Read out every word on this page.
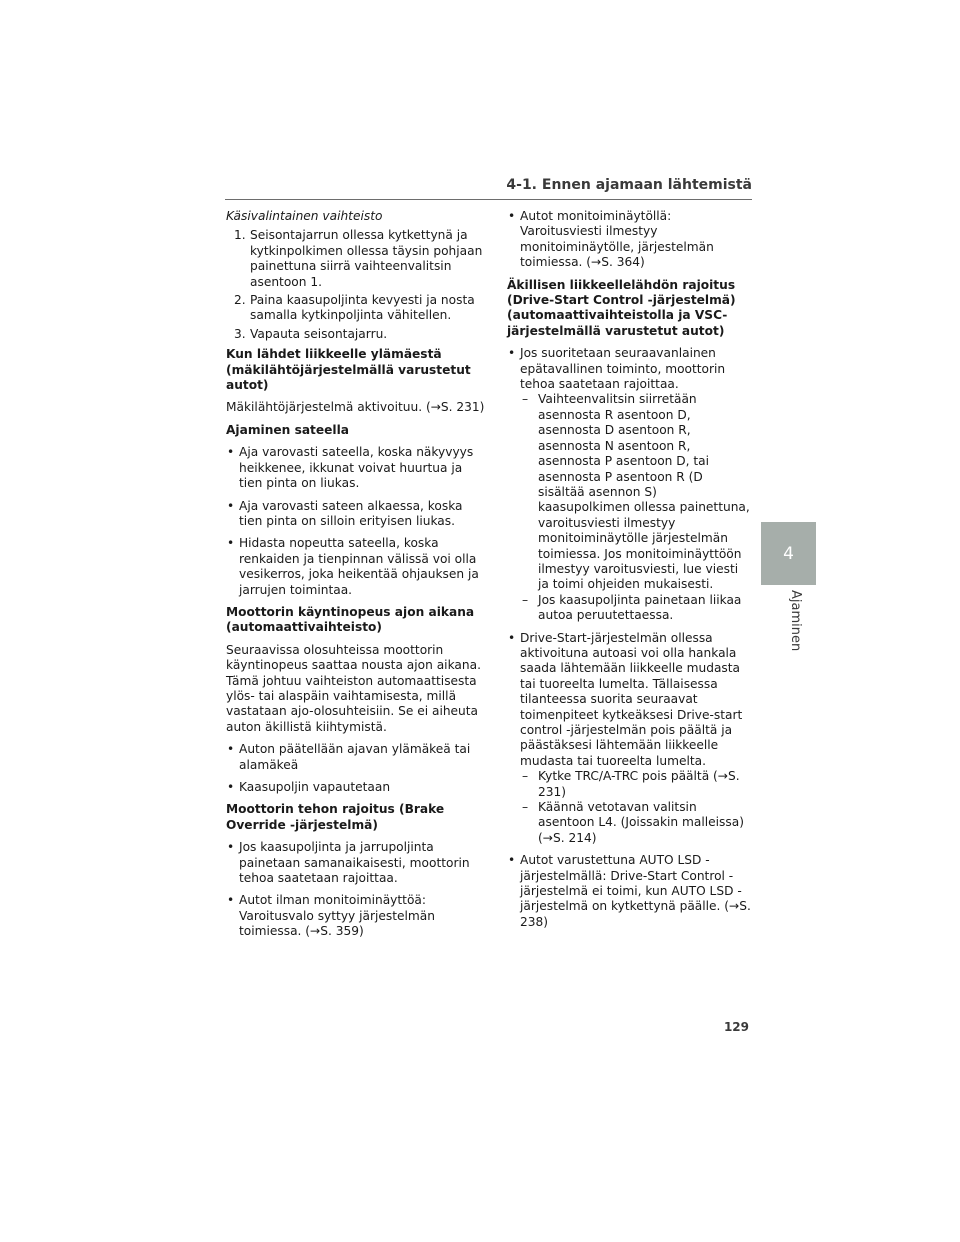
4-1. Ennen ajamaan lähtemistä

Käsivalintainen vaihteisto

1. Seisontajarrun ollessa kytkettynä ja kytkinpolkimen ollessa täysin pohjaan painettuna siirrä vaihteenvalitsin asentoon 1.
2. Paina kaasupoljinta kevyesti ja nosta samalla kytkinpoljinta vähitellen.
3. Vapauta seisontajarru.

Kun lähdet liikkeelle ylämäestä (mäkilähtöjärjestelmällä varustetut autot)

Mäkilähtöjärjestelmä aktivoituu. (→S. 231)

Ajaminen sateella

• Aja varovasti sateella, koska näkyvyys heikkenee, ikkunat voivat huurtua ja tien pinta on liukas.
• Aja varovasti sateen alkaessa, koska tien pinta on silloin erityisen liukas.
• Hidasta nopeutta sateella, koska renkaiden ja tienpinnan välissä voi olla vesikerros, joka heikentää ohjauksen ja jarrujen toimintaa.

Moottorin käyntinopeus ajon aikana (automaattivaihteisto)

Seuraavissa olosuhteissa moottorin käyntinopeus saattaa nousta ajon aikana. Tämä johtuu vaihteiston automaattisesta ylös- tai alaspäin vaihtamisesta, millä vastataan ajo-olosuhteisiin. Se ei aiheuta auton äkillistä kiihtymistä.

• Auton päätellään ajavan ylämäkeä tai alamäkeä
• Kaasupoljin vapautetaan

Moottorin tehon rajoitus (Brake Override -järjestelmä)

• Jos kaasupoljinta ja jarrupoljinta painetaan samanaikaisesti, moottorin tehoa saatetaan rajoittaa.
• Autot ilman monitoiminäyttöä: Varoitusvalo syttyy järjestelmän toimiessa. (→S. 359)
• Autot monitoiminäytöllä: Varoitusviesti ilmestyy monitoiminäytölle, järjestelmän toimiessa. (→S. 364)

Äkillisen liikkeellelähdön rajoitus (Drive-Start Control -järjestelmä) (automaattivaihteistolla ja VSC-järjestelmällä varustetut autot)

• Jos suoritetaan seuraavanlainen epätavallinen toiminto, moottorin tehoa saatetaan rajoittaa.
– Vaihteenvalitsin siirretään asennosta R asentoon D, asennosta D asentoon R, asennosta N asentoon R, asennosta P asentoon D, tai asennosta P asentoon R (D sisältää asennon S) kaasupolkimen ollessa painettuna, varoitusviesti ilmestyy monitoiminäytölle järjestelmän toimiessa. Jos monitoiminäyttöön ilmestyy varoitusviesti, lue viesti ja toimi ohjeiden mukaisesti.
– Jos kaasupoljinta painetaan liikaa autoa peruutettaessa.
• Drive-Start-järjestelmän ollessa aktivoituna autoasi voi olla hankala saada lähtemään liikkeelle mudasta tai tuoreelta lumelta. Tällaisessa tilanteessa suorita seuraavat toimenpiteet kytkeäksesi Drive-start control -järjestelmän pois päältä ja päästäksesi lähtemään liikkeelle mudasta tai tuoreelta lumelta.
– Kytke TRC/A-TRC pois päältä (→S. 231)
– Käännä vetotavan valitsin asentoon L4. (Joissakin malleissa) (→S. 214)
• Autot varustettuna AUTO LSD -järjestelmällä: Drive-Start Control -järjestelmä ei toimi, kun AUTO LSD -järjestelmä on kytkettynä päälle. (→S. 238)
4
Ajaminen
129
